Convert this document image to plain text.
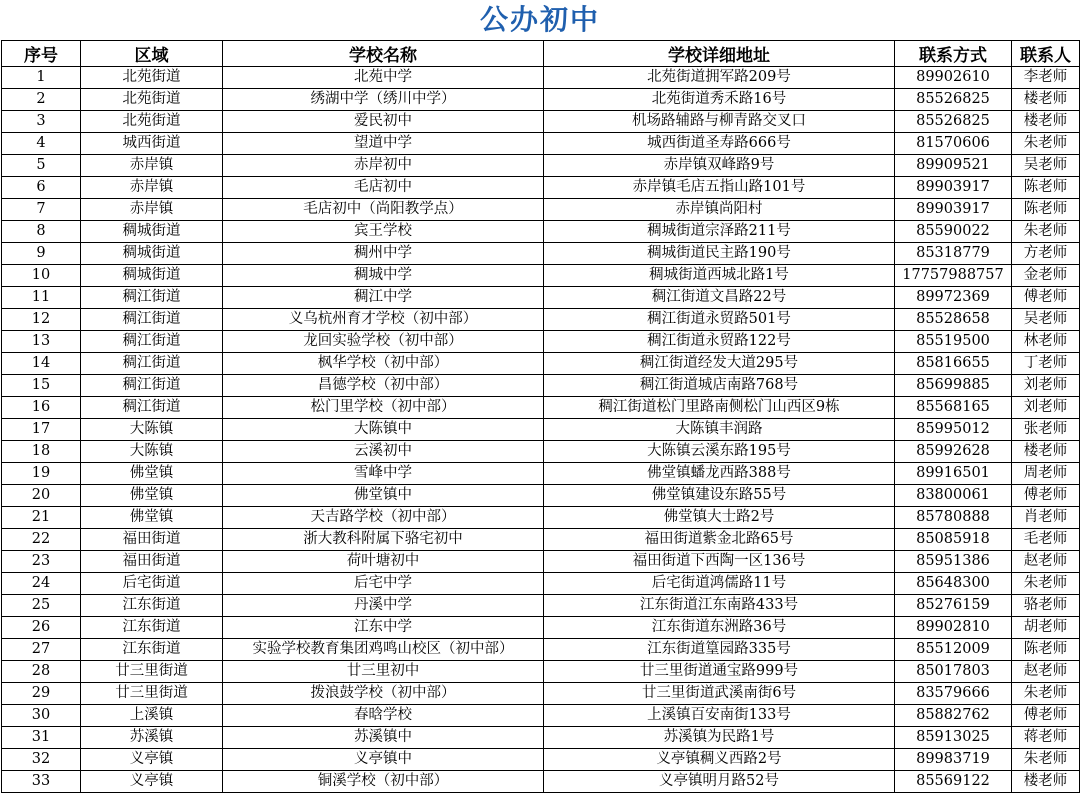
公办初中
序号	区域	学校名称	学校详细地址	联系方式	联系人
1	北苑街道	北苑中学	北苑街道拥军路209号	89902610	李老师
2	北苑街道	绣湖中学（绣川中学）	北苑街道秀禾路16号	85526825	楼老师
3	北苑街道	爱民初中	机场路辅路与柳青路交叉口	85526825	楼老师
4	城西街道	望道中学	城西街道圣寿路666号	81570606	朱老师
5	赤岸镇	赤岸初中	赤岸镇双峰路9号	89909521	吴老师
6	赤岸镇	毛店初中	赤岸镇毛店五指山路101号	89903917	陈老师
7	赤岸镇	毛店初中（尚阳教学点）	赤岸镇尚阳村	89903917	陈老师
8	稠城街道	宾王学校	稠城街道宗泽路211号	85590022	朱老师
9	稠城街道	稠州中学	稠城街道民主路190号	85318779	方老师
10	稠城街道	稠城中学	稠城街道西城北路1号	17757988757	金老师
11	稠江街道	稠江中学	稠江街道文昌路22号	89972369	傅老师
12	稠江街道	义乌杭州育才学校（初中部）	稠江街道永贸路501号	85528658	吴老师
13	稠江街道	龙回实验学校（初中部）	稠江街道永贸路122号	85519500	林老师
14	稠江街道	枫华学校（初中部）	稠江街道经发大道295号	85816655	丁老师
15	稠江街道	昌德学校（初中部）	稠江街道城店南路768号	85699885	刘老师
16	稠江街道	松门里学校（初中部）	稠江街道松门里路南侧松门山西区9栋	85568165	刘老师
17	大陈镇	大陈镇中	大陈镇丰润路	85995012	张老师
18	大陈镇	云溪初中	大陈镇云溪东路195号	85992628	楼老师
19	佛堂镇	雪峰中学	佛堂镇蟠龙西路388号	89916501	周老师
20	佛堂镇	佛堂镇中	佛堂镇建设东路55号	83800061	傅老师
21	佛堂镇	天吉路学校（初中部）	佛堂镇大士路2号	85780888	肖老师
22	福田街道	浙大教科附属下骆宅初中	福田街道紫金北路65号	85085918	毛老师
23	福田街道	荷叶塘初中	福田街道下西陶一区136号	85951386	赵老师
24	后宅街道	后宅中学	后宅街道鸿儒路11号	85648300	朱老师
25	江东街道	丹溪中学	江东街道江东南路433号	85276159	骆老师
26	江东街道	江东中学	江东街道东洲路36号	89902810	胡老师
27	江东街道	实验学校教育集团鸡鸣山校区（初中部）	江东街道篁园路335号	85512009	陈老师
28	廿三里街道	廿三里初中	廿三里街道通宝路999号	85017803	赵老师
29	廿三里街道	拨浪鼓学校（初中部）	廿三里街道武溪南街6号	83579666	朱老师
30	上溪镇	春晗学校	上溪镇百安南街133号	85882762	傅老师
31	苏溪镇	苏溪镇中	苏溪镇为民路1号	85913025	蒋老师
32	义亭镇	义亭镇中	义亭镇稠义西路2号	89983719	朱老师
33	义亭镇	铜溪学校（初中部）	义亭镇明月路52号	85569122	楼老师
